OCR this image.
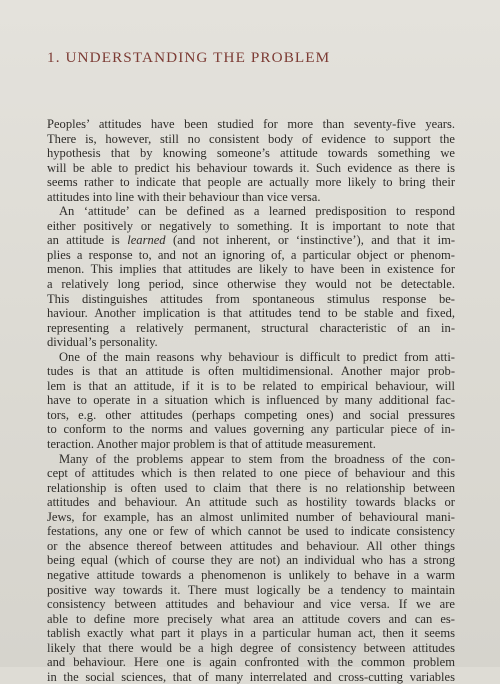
1. UNDERSTANDING THE PROBLEM
Peoples’ attitudes have been studied for more than seventy-five years.
There is, however, still no consistent body of evidence to support the
hypothesis that by knowing someone’s attitude towards something we
will be able to predict his behaviour towards it. Such evidence as there is
seems rather to indicate that people are actually more likely to bring their
attitudes into line with their behaviour than vice versa.
An ‘attitude’ can be defined as a learned predisposition to respond
either positively or negatively to something. It is important to note that
an attitude is learned (and not inherent, or ‘instinctive’), and that it im-
plies a response to, and not an ignoring of, a particular object or phenom-
menon. This implies that attitudes are likely to have been in existence for
a relatively long period, since otherwise they would not be detectable.
This distinguishes attitudes from spontaneous stimulus response be-
haviour. Another implication is that attitudes tend to be stable and fixed,
representing a relatively permanent, structural characteristic of an in-
dividual’s personality.
One of the main reasons why behaviour is difficult to predict from atti-
tudes is that an attitude is often multidimensional. Another major prob-
lem is that an attitude, if it is to be related to empirical behaviour, will
have to operate in a situation which is influenced by many additional fac-
tors, e.g. other attitudes (perhaps competing ones) and social pressures
to conform to the norms and values governing any particular piece of in-
teraction. Another major problem is that of attitude measurement.
Many of the problems appear to stem from the broadness of the con-
cept of attitudes which is then related to one piece of behaviour and this
relationship is often used to claim that there is no relationship between
attitudes and behaviour. An attitude such as hostility towards blacks or
Jews, for example, has an almost unlimited number of behavioural mani-
festations, any one or few of which cannot be used to indicate consistency
or the absence thereof between attitudes and behaviour. All other things
being equal (which of course they are not) an individual who has a strong
negative attitude towards a phenomenon is unlikely to behave in a warm
positive way towards it. There must logically be a tendency to maintain
consistency between attitudes and behaviour and vice versa. If we are
able to define more precisely what area an attitude covers and can es-
tablish exactly what part it plays in a particular human act, then it seems
likely that there would be a high degree of consistency between attitudes
and behaviour. Here one is again confronted with the common problem
in the social sciences, that of many interrelated and cross-cutting variables
